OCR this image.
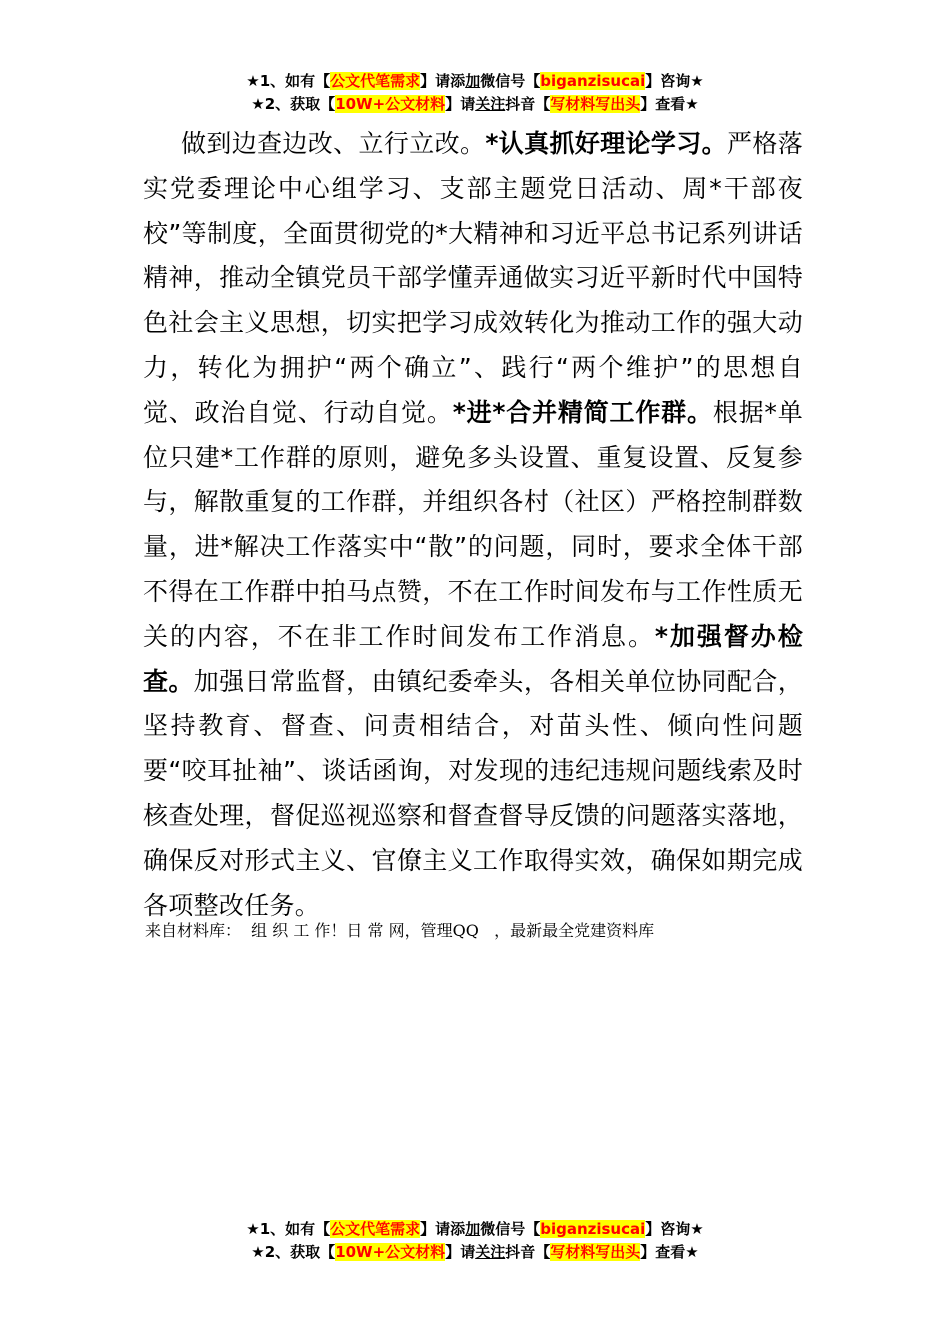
★1、如有【公文代笔需求】请添加微信号【biganzisucai】咨询★
★2、获取【10W+公文材料】请关注抖音【写材料写出头】查看★

做到边查边改、立行立改。*认真抓好理论学习。严格落实党委理论中心组学习、支部主题党日活动、周*干部夜校”等制度，全面贯彻党的*大精神和习近平总书记系列讲话精神，推动全镇党员干部学懂弄通做实习近平新时代中国特色社会主义思想，切实把学习成效转化为推动工作的强大动力，转化为拥护“两个确立”、践行“两个维护”的思想自觉、政治自觉、行动自觉。*进*合并精简工作群。根据*单位只建*工作群的原则，避免多头设置、重复设置、反复参与，解散重复的工作群，并组织各村（社区）严格控制群数量，进*解决工作落实中“散”的问题，同时，要求全体干部不得在工作群中拍马点赞，不在工作时间发布与工作性质无关的内容，不在非工作时间发布工作消息。*加强督办检查。加强日常监督，由镇纪委牵头，各相关单位协同配合，坚持教育、督查、问责相结合，对苗头性、倾向性问题要“咬耳扯袖”、谈话函询，对发现的违纪违规问题线索及时核查处理，督促巡视巡察和督查督导反馈的问题落实落地，确保反对形式主义、官僚主义工作取得实效，确保如期完成各项整改任务。

来自材料库：  组 织 工 作！日 常 网，管理QQ   ，最新最全党建资料库
★1、如有【公文代笔需求】请添加微信号【biganzisucai】咨询★
★2、获取【10W+公文材料】请关注抖音【写材料写出头】查看★
